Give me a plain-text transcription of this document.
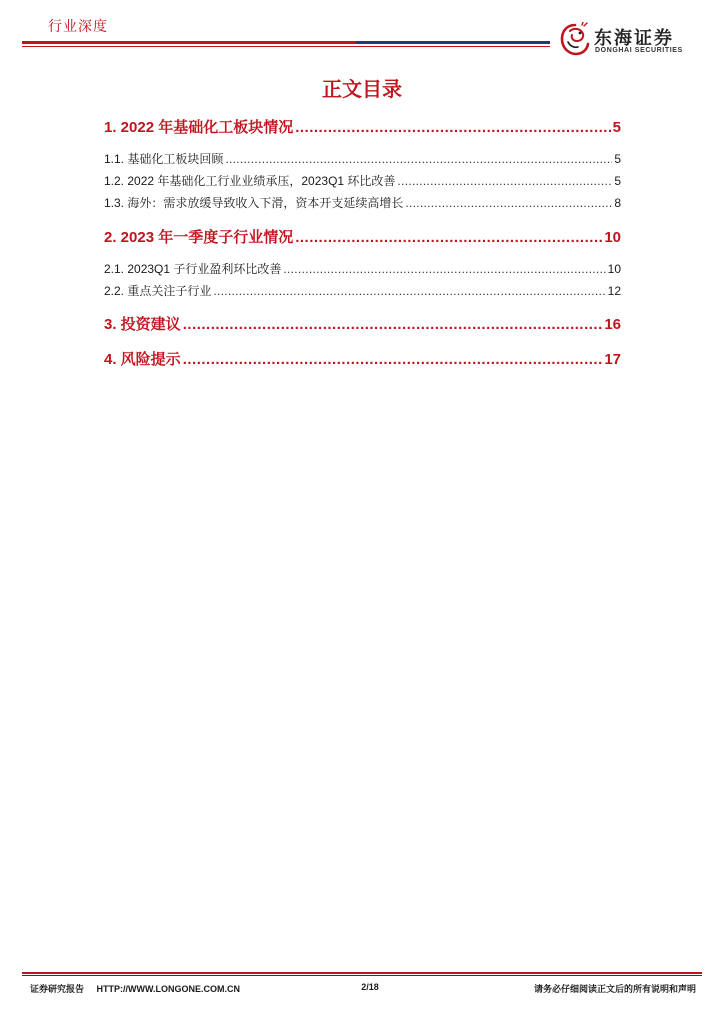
行业深度
东海证券
DONGHAI SECURITIES
正文目录
1. 2022 年基础化工板块情况 .....	5
1.1. 基础化工板块回顾 .....	5
1.2. 2022 年基础化工行业业绩承压，2023Q1 环比改善 .....	5
1.3. 海外：需求放缓导致收入下滑，资本开支延续高增长 .....	8
2. 2023 年一季度子行业情况 .....	10
2.1. 2023Q1 子行业盈利环比改善 .....	10
2.2. 重点关注子行业 .....	12
3. 投资建议 .....	16
4. 风险提示 .....	17
证券研究报告 HTTP://WWW.LONGONE.COM.CN	2/18	请务必仔细阅读正文后的所有说明和声明
